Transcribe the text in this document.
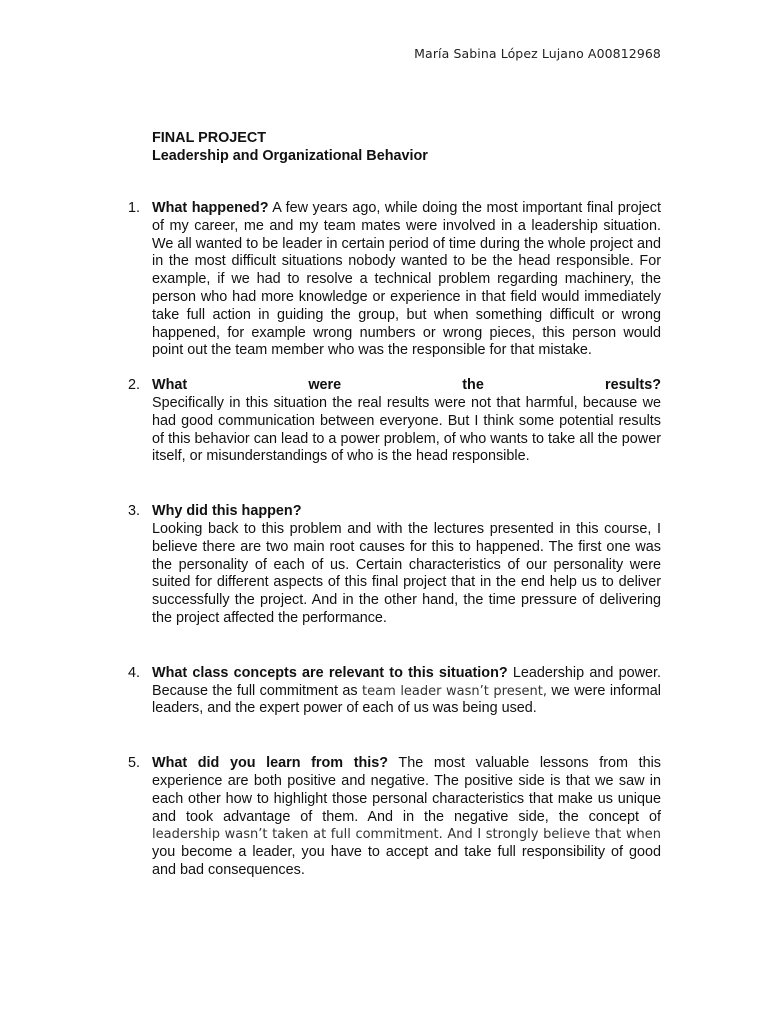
María Sabina López Lujano A00812968
FINAL PROJECT
Leadership and Organizational Behavior
1. What happened? A few years ago, while doing the most important final project of my career, me and my team mates were involved in a leadership situation. We all wanted to be leader in certain period of time during the whole project and in the most difficult situations nobody wanted to be the head responsible. For example, if we had to resolve a technical problem regarding machinery, the person who had more knowledge or experience in that field would immediately take full action in guiding the group, but when something difficult or wrong happened, for example wrong numbers or wrong pieces, this person would point out the team member who was the responsible for that mistake.
2. What	were	the	results?
Specifically in this situation the real results were not that harmful, because we had good communication between everyone. But I think some potential results of this behavior can lead to a power problem, of who wants to take all the power itself, or misunderstandings of who is the head responsible.
3. Why did this happen?
Looking back to this problem and with the lectures presented in this course, I believe there are two main root causes for this to happened. The first one was the personality of each of us. Certain characteristics of our personality were suited for different aspects of this final project that in the end help us to deliver successfully the project. And in the other hand, the time pressure of delivering the project affected the performance.
4. What class concepts are relevant to this situation? Leadership and power. Because the full commitment as team leader wasn’t present, we were informal leaders, and the expert power of each of us was being used.
5. What did you learn from this? The most valuable lessons from this experience are both positive and negative. The positive side is that we saw in each other how to highlight those personal characteristics that make us unique and took advantage of them. And in the negative side, the concept of leadership wasn’t taken at full commitment. And I strongly believe that when you become a leader, you have to accept and take full responsibility of good and bad consequences.
